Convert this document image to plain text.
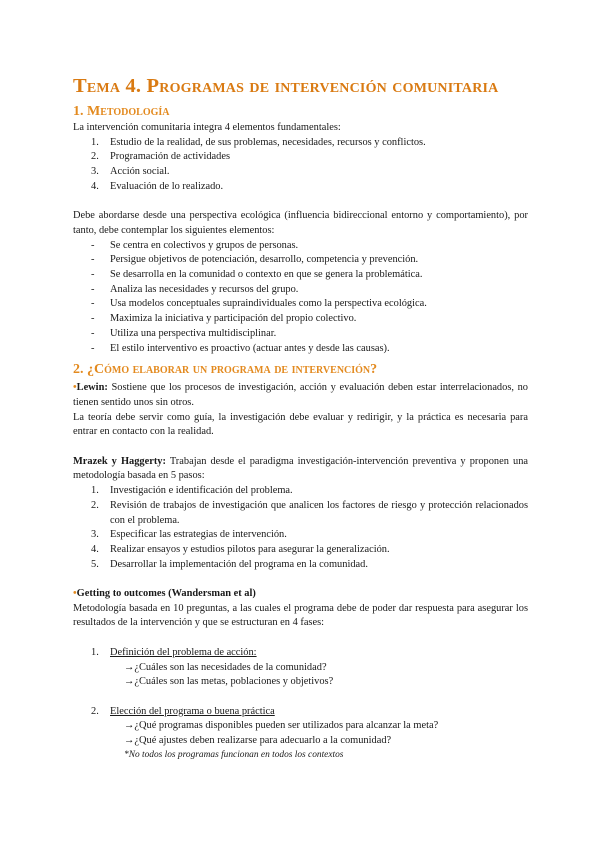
Tema 4. Programas de intervención comunitaria
1. Metodología

La intervención comunitaria integra 4 elementos fundamentales:

1. Estudio de la realidad, de sus problemas, necesidades, recursos y conflictos.
2. Programación de actividades
3. Acción social.
4. Evaluación de lo realizado.

Debe abordarse desde una perspectiva ecológica (influencia bidireccional entorno y comportamiento), por tanto, debe contemplar los siguientes elementos:

- Se centra en colectivos y grupos de personas.
- Persigue objetivos de potenciación, desarrollo, competencia y prevención.
- Se desarrolla en la comunidad o contexto en que se genera la problemática.
- Analiza las necesidades y recursos del grupo.
- Usa modelos conceptuales supraindividuales como la perspectiva ecológica.
- Maximiza la iniciativa y participación del propio colectivo.
- Utiliza una perspectiva multidisciplinar.
- El estilo interventivo es proactivo (actuar antes y desde las causas).
2. ¿Cómo elaborar un programa de intervención?

•Lewin: Sostiene que los procesos de investigación, acción y evaluación deben estar interrelacionados, no tienen sentido unos sin otros.

La teoría debe servir como guía, la investigación debe evaluar y redirigir, y la práctica es necesaria para entrar en contacto con la realidad.

Mrazek y Haggerty: Trabajan desde el paradigma investigación-intervención preventiva y proponen una metodología basada en 5 pasos:

1. Investigación e identificación del problema.
2. Revisión de trabajos de investigación que analicen los factores de riesgo y protección relacionados con el problema.
3. Especificar las estrategias de intervención.
4. Realizar ensayos y estudios pilotos para asegurar la generalización.
5. Desarrollar la implementación del programa en la comunidad.

•Getting to outcomes (Wandersman et al)

Metodología basada en 10 preguntas, a las cuales el programa debe de poder dar respuesta para asegurar los resultados de la intervención y que se estructuran en 4 fases:

1. Definición del problema de acción:
→¿Cuáles son las necesidades de la comunidad?
→¿Cuáles son las metas, poblaciones y objetivos?
2. Elección del programa o buena práctica
→¿Qué programas disponibles pueden ser utilizados para alcanzar la meta?
→¿Qué ajustes deben realizarse para adecuarlo a la comunidad?

*No todos los programas funcionan en todos los contextos
